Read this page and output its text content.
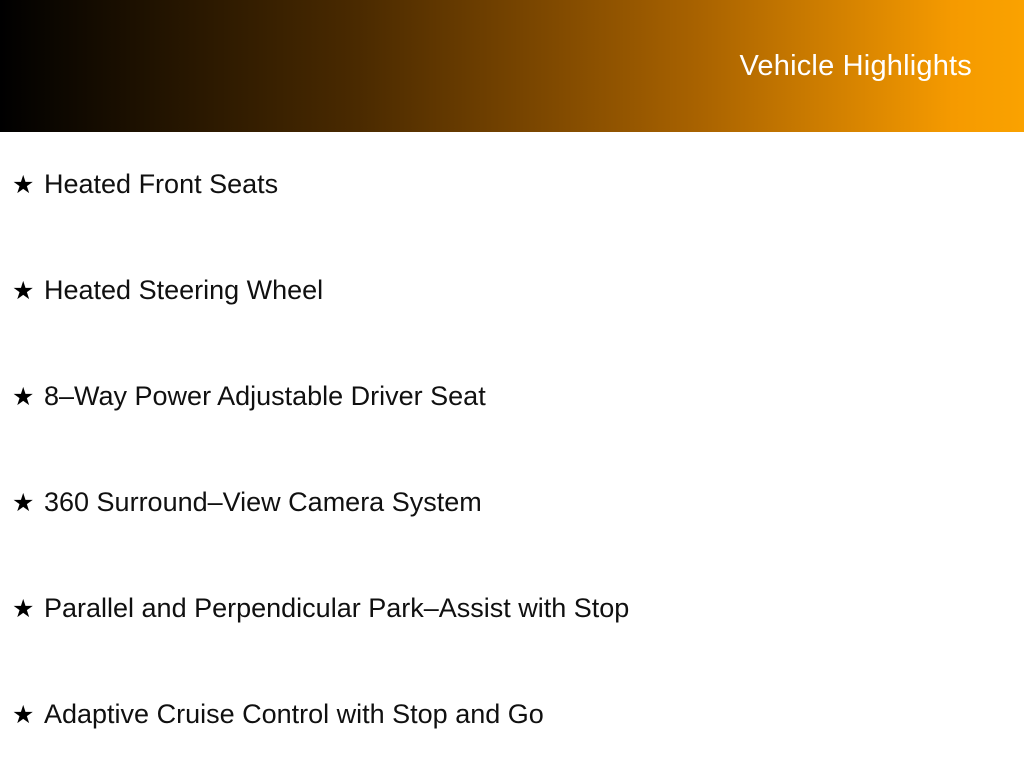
Vehicle Highlights
★ Heated Front Seats
★ Heated Steering Wheel
★ 8–Way Power Adjustable Driver Seat
★ 360 Surround–View Camera System
★ Parallel and Perpendicular Park–Assist with Stop
★ Adaptive Cruise Control with Stop and Go
